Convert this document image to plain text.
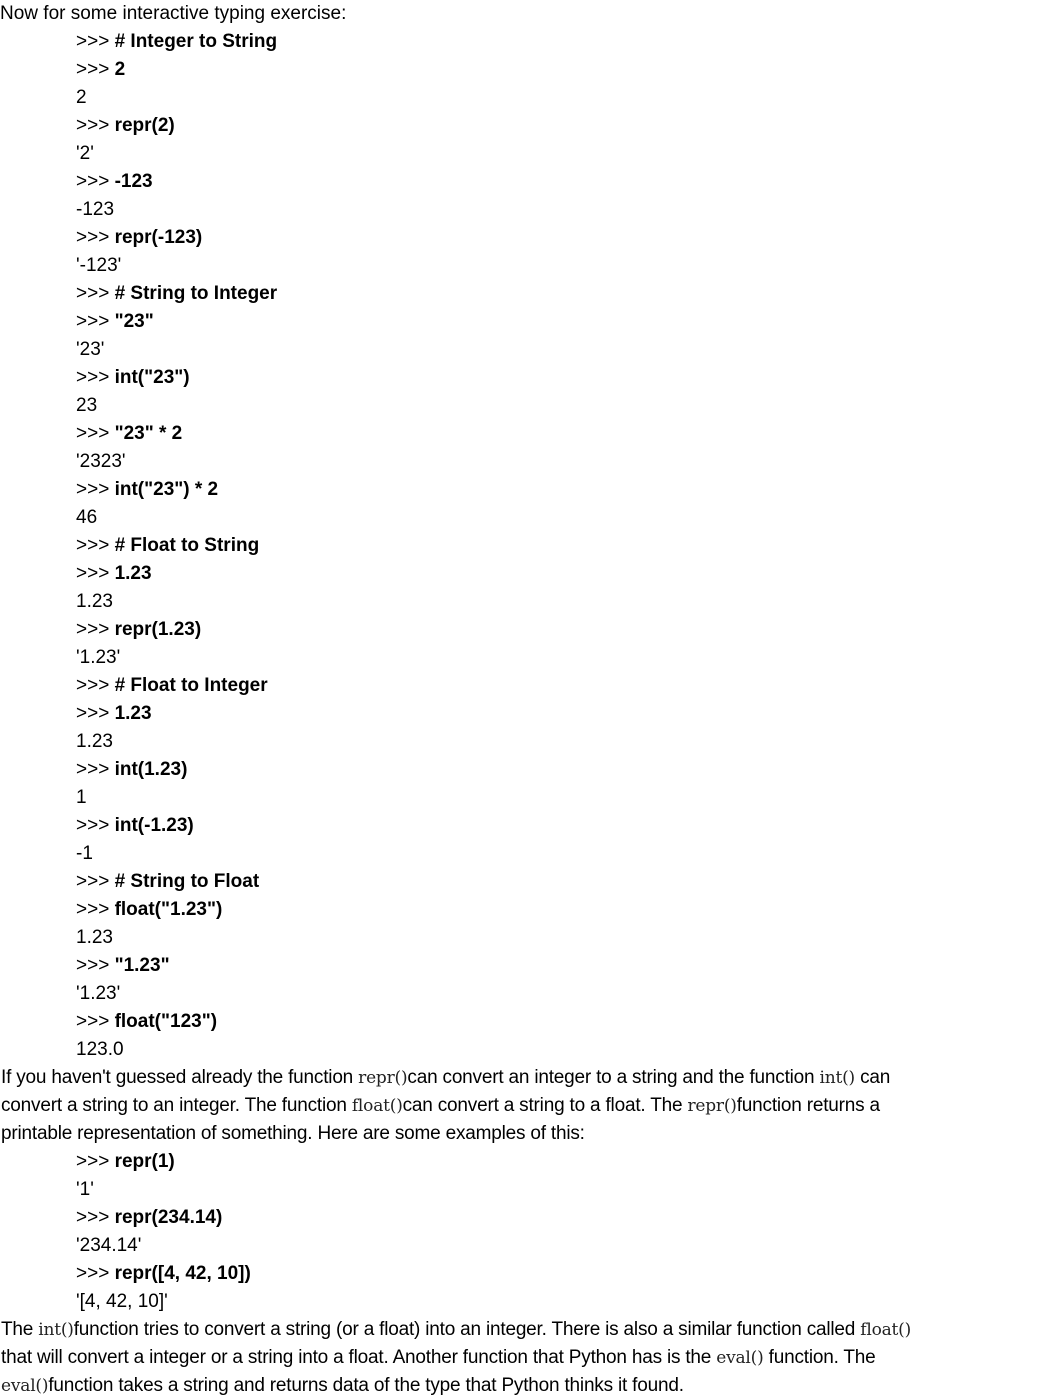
Now for some interactive typing exercise:
>>> # Integer to String
>>> 2
2
>>> repr(2)
'2'
>>> -123
-123
>>> repr(-123)
'-123'
>>> # String to Integer
>>> "23"
'23'
>>> int("23")
23
>>> "23" * 2
'2323'
>>> int("23") * 2
46
>>> # Float to String
>>> 1.23
1.23
>>> repr(1.23)
'1.23'
>>> # Float to Integer
>>> 1.23
1.23
>>> int(1.23)
1
>>> int(-1.23)
-1
>>> # String to Float
>>> float("1.23")
1.23
>>> "1.23"
'1.23'
>>> float("123")
123.0
If you haven't guessed already the function repr()can convert an integer to a string and the function int() can
convert a string to an integer. The function float()can convert a string to a float. The repr()function returns a
printable representation of something. Here are some examples of this:
>>> repr(1)
'1'
>>> repr(234.14)
'234.14'
>>> repr([4, 42, 10])
'[4, 42, 10]'
The int()function tries to convert a string (or a float) into an integer. There is also a similar function called float()
that will convert a integer or a string into a float. Another function that Python has is the eval() function. The
eval()function takes a string and returns data of the type that Python thinks it found.
